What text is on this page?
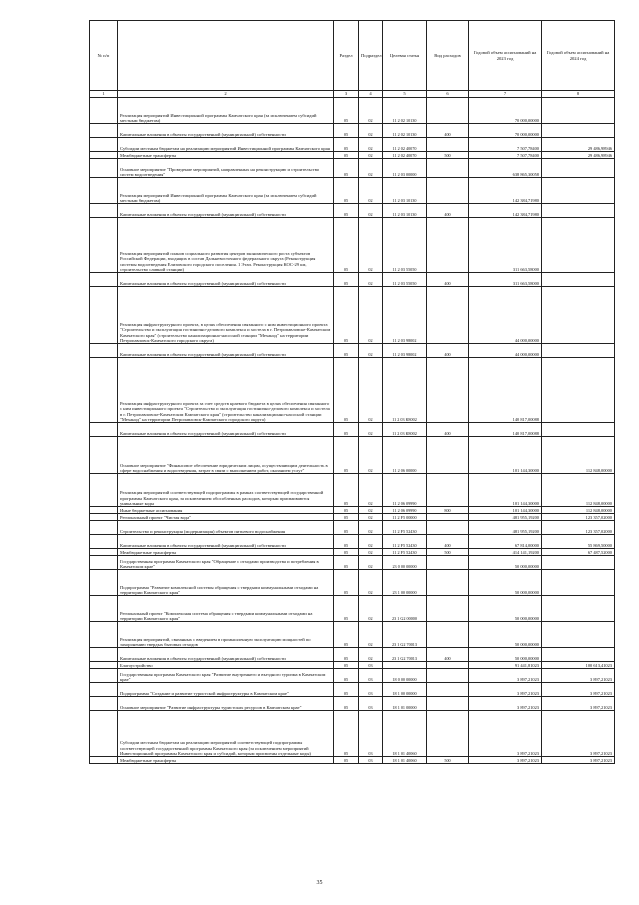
№ п/п		Раздел	Подраздел	Целевая статья	Вид расходов	Годовой объем ассигнований на 2023 год	Годовой объем ассигнований на 2024 год
1	2	3	4	5	6	7	8
	Реализация мероприятий Инвестиционной программы Камчатского края (за исключением субсидий местным бюджетам)	05	02	11 2 02 10130		70 000,00000	
	Капитальные вложения в объекты государственной (муниципальной) собственности	05	02	11 2 02 10130	400	70 000,00000	
	Субсидии местным бюджетам на реализацию мероприятий Инвестиционной программы Камчатского края	05	02	11 2 02 40070		7 507,78400	29 486,98946
	Межбюджетные трансферты	05	02	11 2 02 40070	500	7 507,78400	29 486,98946
	Основное мероприятие "Проведение мероприятий, направленных на реконструкцию и строительство систем водоотведения"	05	02	11 2 03 00000		638 865,30058	
	Реализация мероприятий Инвестиционной программы Камчатского края (за исключением субсидий местным бюджетам)	05	02	11 2 03 10130		142 384,71980	
	Капитальные вложения в объекты государственной (муниципальной) собственности	05	02	11 2 03 10130	400	142 384,71980	
	Реализация мероприятий планов социального развития центров экономического роста субъектов Российской Федерации, входящих в состав Дальневосточного федерального округа (Реконструкция системы водоотведения Елизовского городского поселения. 1 Этап. Реконструкция КОС-29 км, строительство сливной станции)	05	02	11 2 03 55050		311 663,58000	
	Капитальные вложения в объекты государственной (муниципальной) собственности	05	02	11 2 03 55050	400	311 663,58000	
	Реализация инфраструктурного проекта, в целях обеспечения связанного с ним инвестиционного проекта "Строительство и эксплуатация гостинично-делового комплекса и хостела в г. Петропавловске-Камчатском Камчатского края" (строительство канализационно-насосной станции "Механод" на территории Петропавловск-Камчатского городского округа)	05	02	11 2 03 98002		44 000,00000	
	Капитальные вложения в объекты государственной (муниципальной) собственности	05	02	11 2 03 98002	400	44 000,00000	
	Реализация инфраструктурного проекта за счет средств краевого бюджета в целях обеспечения связанного с ним инвестиционного проекта "Строительство и эксплуатация гостинично-делового комплекса и хостела в г. Петропавловске-Камчатском Камчатского края" (строительство канализационно-насосной станции "Механод" на территории Петропавловск-Камчатского городского округа)	05	02	11 2 03 К8002		140 817,00088	
	Капитальные вложения в объекты государственной (муниципальной) собственности	05	02	11 2 03 К8002	400	140 817,00088	
	Основное мероприятие "Финансовое обеспечение юридическим лицам, осуществляющим деятельность в сфере водоснабжения и водоотведения, затрат в связи с выполнением работ, оказанием услуг"	05	02	11 2 06 00000		101 144,30000	112 848,00000
	Реализация мероприятий соответствующей подпрограммы в рамках соответствующей государственной программы Камчатского края, за исключением обособленных расходов, которым присваиваются уникальные коды	05	02	11 2 06 09990		101 144,30000	112 848,00000
	Иные бюджетные ассигнования	05	02	11 2 06 09990	800	101 144,30000	112 848,00000
	Региональный проект "Чистая вода"	05	02	11 2 F5 00000		481 955,19200	123 357,02000
	Строительство и реконструкция (модернизация) объектов питьевого водоснабжения	05	02	11 2 F5 52430		481 955,19200	123 357,02000
	Капитальные вложения в объекты государственной (муниципальной) собственности	05	02	11 2 F5 52430	400	67 814,00000	55 869,50000
	Межбюджетные трансферты	05	02	11 2 F5 52430	500	414 141,19200	67 487,52000
	Государственная программа Камчатского края "Обращение с отходами производства и потребления в Камчатском крае"	05	02	23 0 00 00000		50 000,00000	
	Подпрограмма "Развитие комплексной системы обращения с твердыми коммунальными отходами на территории Камчатского края"	05	02	23 1 00 00000		50 000,00000	
	Региональный проект "Комплексная система обращения с твердыми коммунальными отходами на территории Камчатского края"	05	02	23 1 G2 00000		50 000,00000	
	Реализация мероприятий, связанных с введением в промышленную эксплуатацию мощностей по захоронению твердых бытовых отходов	05	02	23 1 G2 70013		50 000,00000	
	Капитальные вложения в объекты государственной (муниципальной) собственности	05	02	23 1 G2 70013	400	50 000,00000	
	Благоустройство	05	03			91 441,81023	100 613,41023
	Государственная программа Камчатского края "Развитие внутреннего и въездного туризма в Камчатском крае"	05	03	18 0 00 00000		3 897,21023	3 897,21023
	Подпрограмма "Создание и развитие туристской инфраструктуры в Камчатском крае"	05	03	18 1 00 00000		3 897,21023	3 897,21023
	Основное мероприятие "Развитие инфраструктуры туристских ресурсов в Камчатском крае"	05	03	18 1 01 00000		3 897,21023	3 897,21023
	Субсидии местным бюджетам на реализацию мероприятий соответствующей подпрограммы соответствующей государственной программы Камчатского края (за исключением мероприятий Инвестиционной программы Камчатского края и субсидий, которым присвоены отдельные коды)	05	03	18 1 01 40060		3 897,21023	3 897,21023
	Межбюджетные трансферты	05	03	18 1 01 40060	500	3 897,21023	3 897,21023
35
